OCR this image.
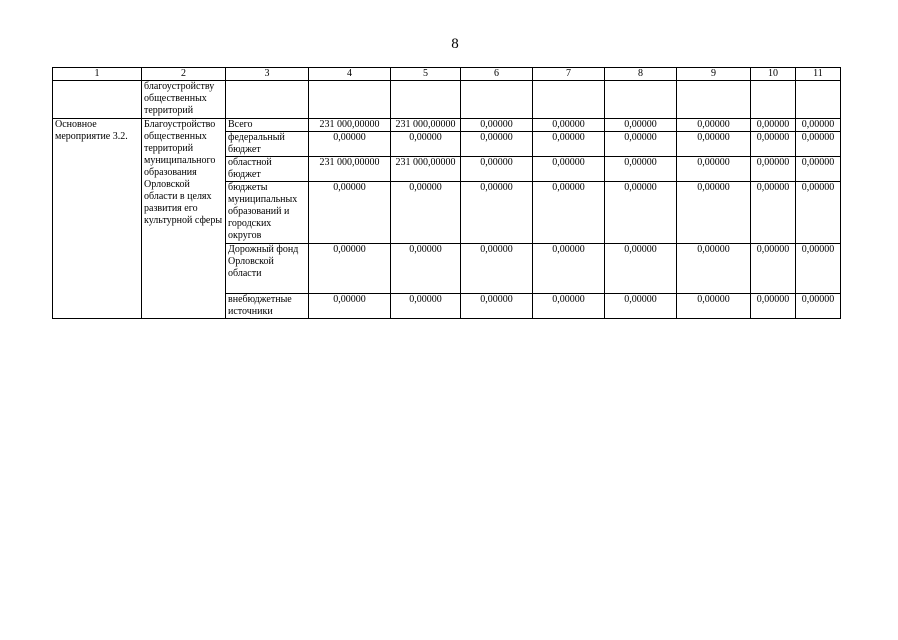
8
1	2	3	4	5	6	7	8	9	10	11
	благоустройству общественных территорий									
Основное мероприятие 3.2.	Благоустройство общественных территорий муниципального образования Орловской области в целях развития его культурной сферы	Всего	231 000,00000	231 000,00000	0,00000	0,00000	0,00000	0,00000	0,00000	0,00000
		федеральный бюджет	0,00000	0,00000	0,00000	0,00000	0,00000	0,00000	0,00000	0,00000
		областной бюджет	231 000,00000	231 000,00000	0,00000	0,00000	0,00000	0,00000	0,00000	0,00000
		бюджеты муниципальных образований и городских округов	0,00000	0,00000	0,00000	0,00000	0,00000	0,00000	0,00000	0,00000
		Дорожный фонд Орловской области	0,00000	0,00000	0,00000	0,00000	0,00000	0,00000	0,00000	0,00000
		внебюджетные источники	0,00000	0,00000	0,00000	0,00000	0,00000	0,00000	0,00000	0,00000
